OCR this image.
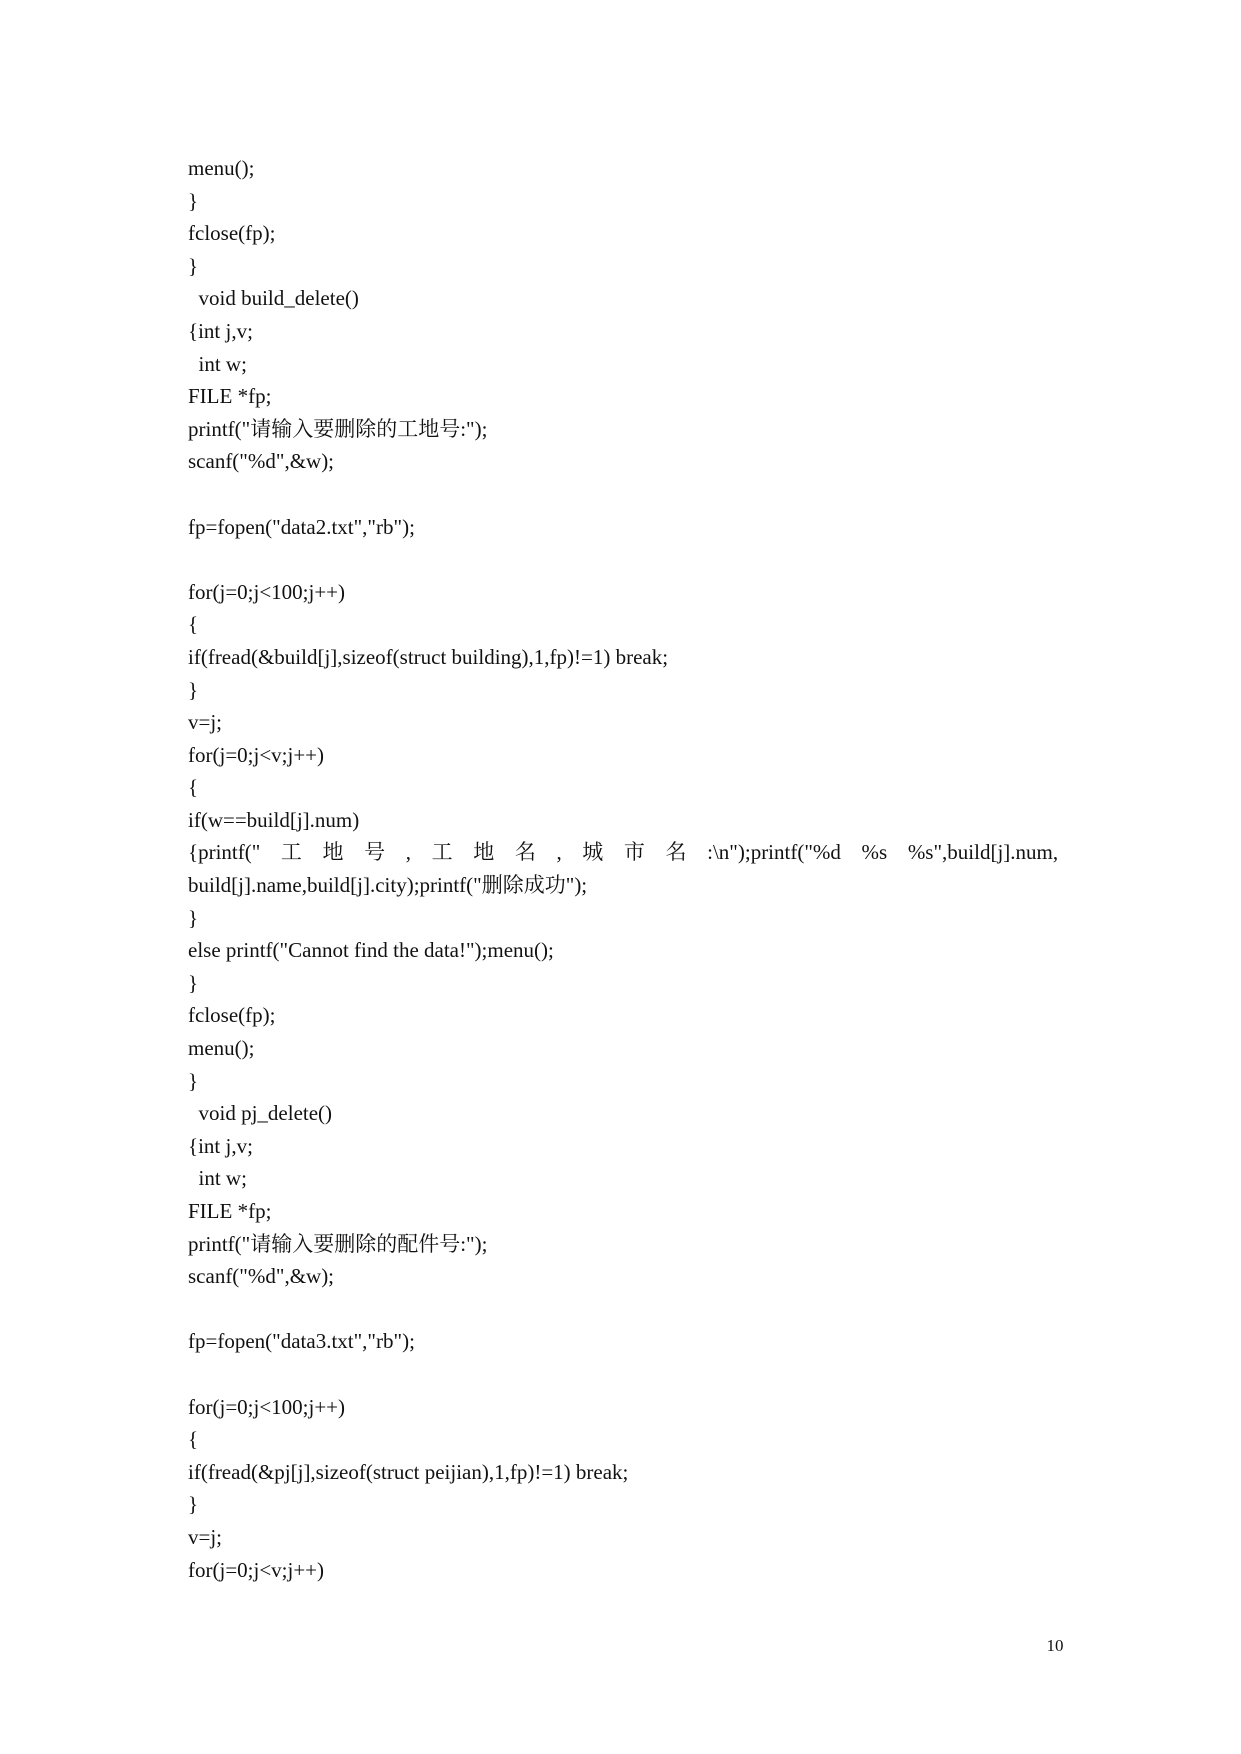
menu();
}
fclose(fp);
}
void build_delete()
{int j,v;
int w;
FILE *fp;
printf("请输入要删除的工地号:");
scanf("%d",&w);

fp=fopen("data2.txt","rb");

for(j=0;j<100;j++)
{
if(fread(&build[j],sizeof(struct building),1,fp)!=1) break;
}
v=j;
for(j=0;j<v;j++)
{
if(w==build[j].num)
{printf(" 工 地 号 , 工 地 名 , 城 市 名 :\n");printf("%d %s %s",build[j].num,
build[j].name,build[j].city);printf("删除成功");
}
else printf("Cannot find the data!");menu();
}
fclose(fp);
menu();
}
void pj_delete()
{int j,v;
int w;
FILE *fp;
printf("请输入要删除的配件号:");
scanf("%d",&w);

fp=fopen("data3.txt","rb");

for(j=0;j<100;j++)
{
if(fread(&pj[j],sizeof(struct peijian),1,fp)!=1) break;
}
v=j;
for(j=0;j<v;j++)
10
